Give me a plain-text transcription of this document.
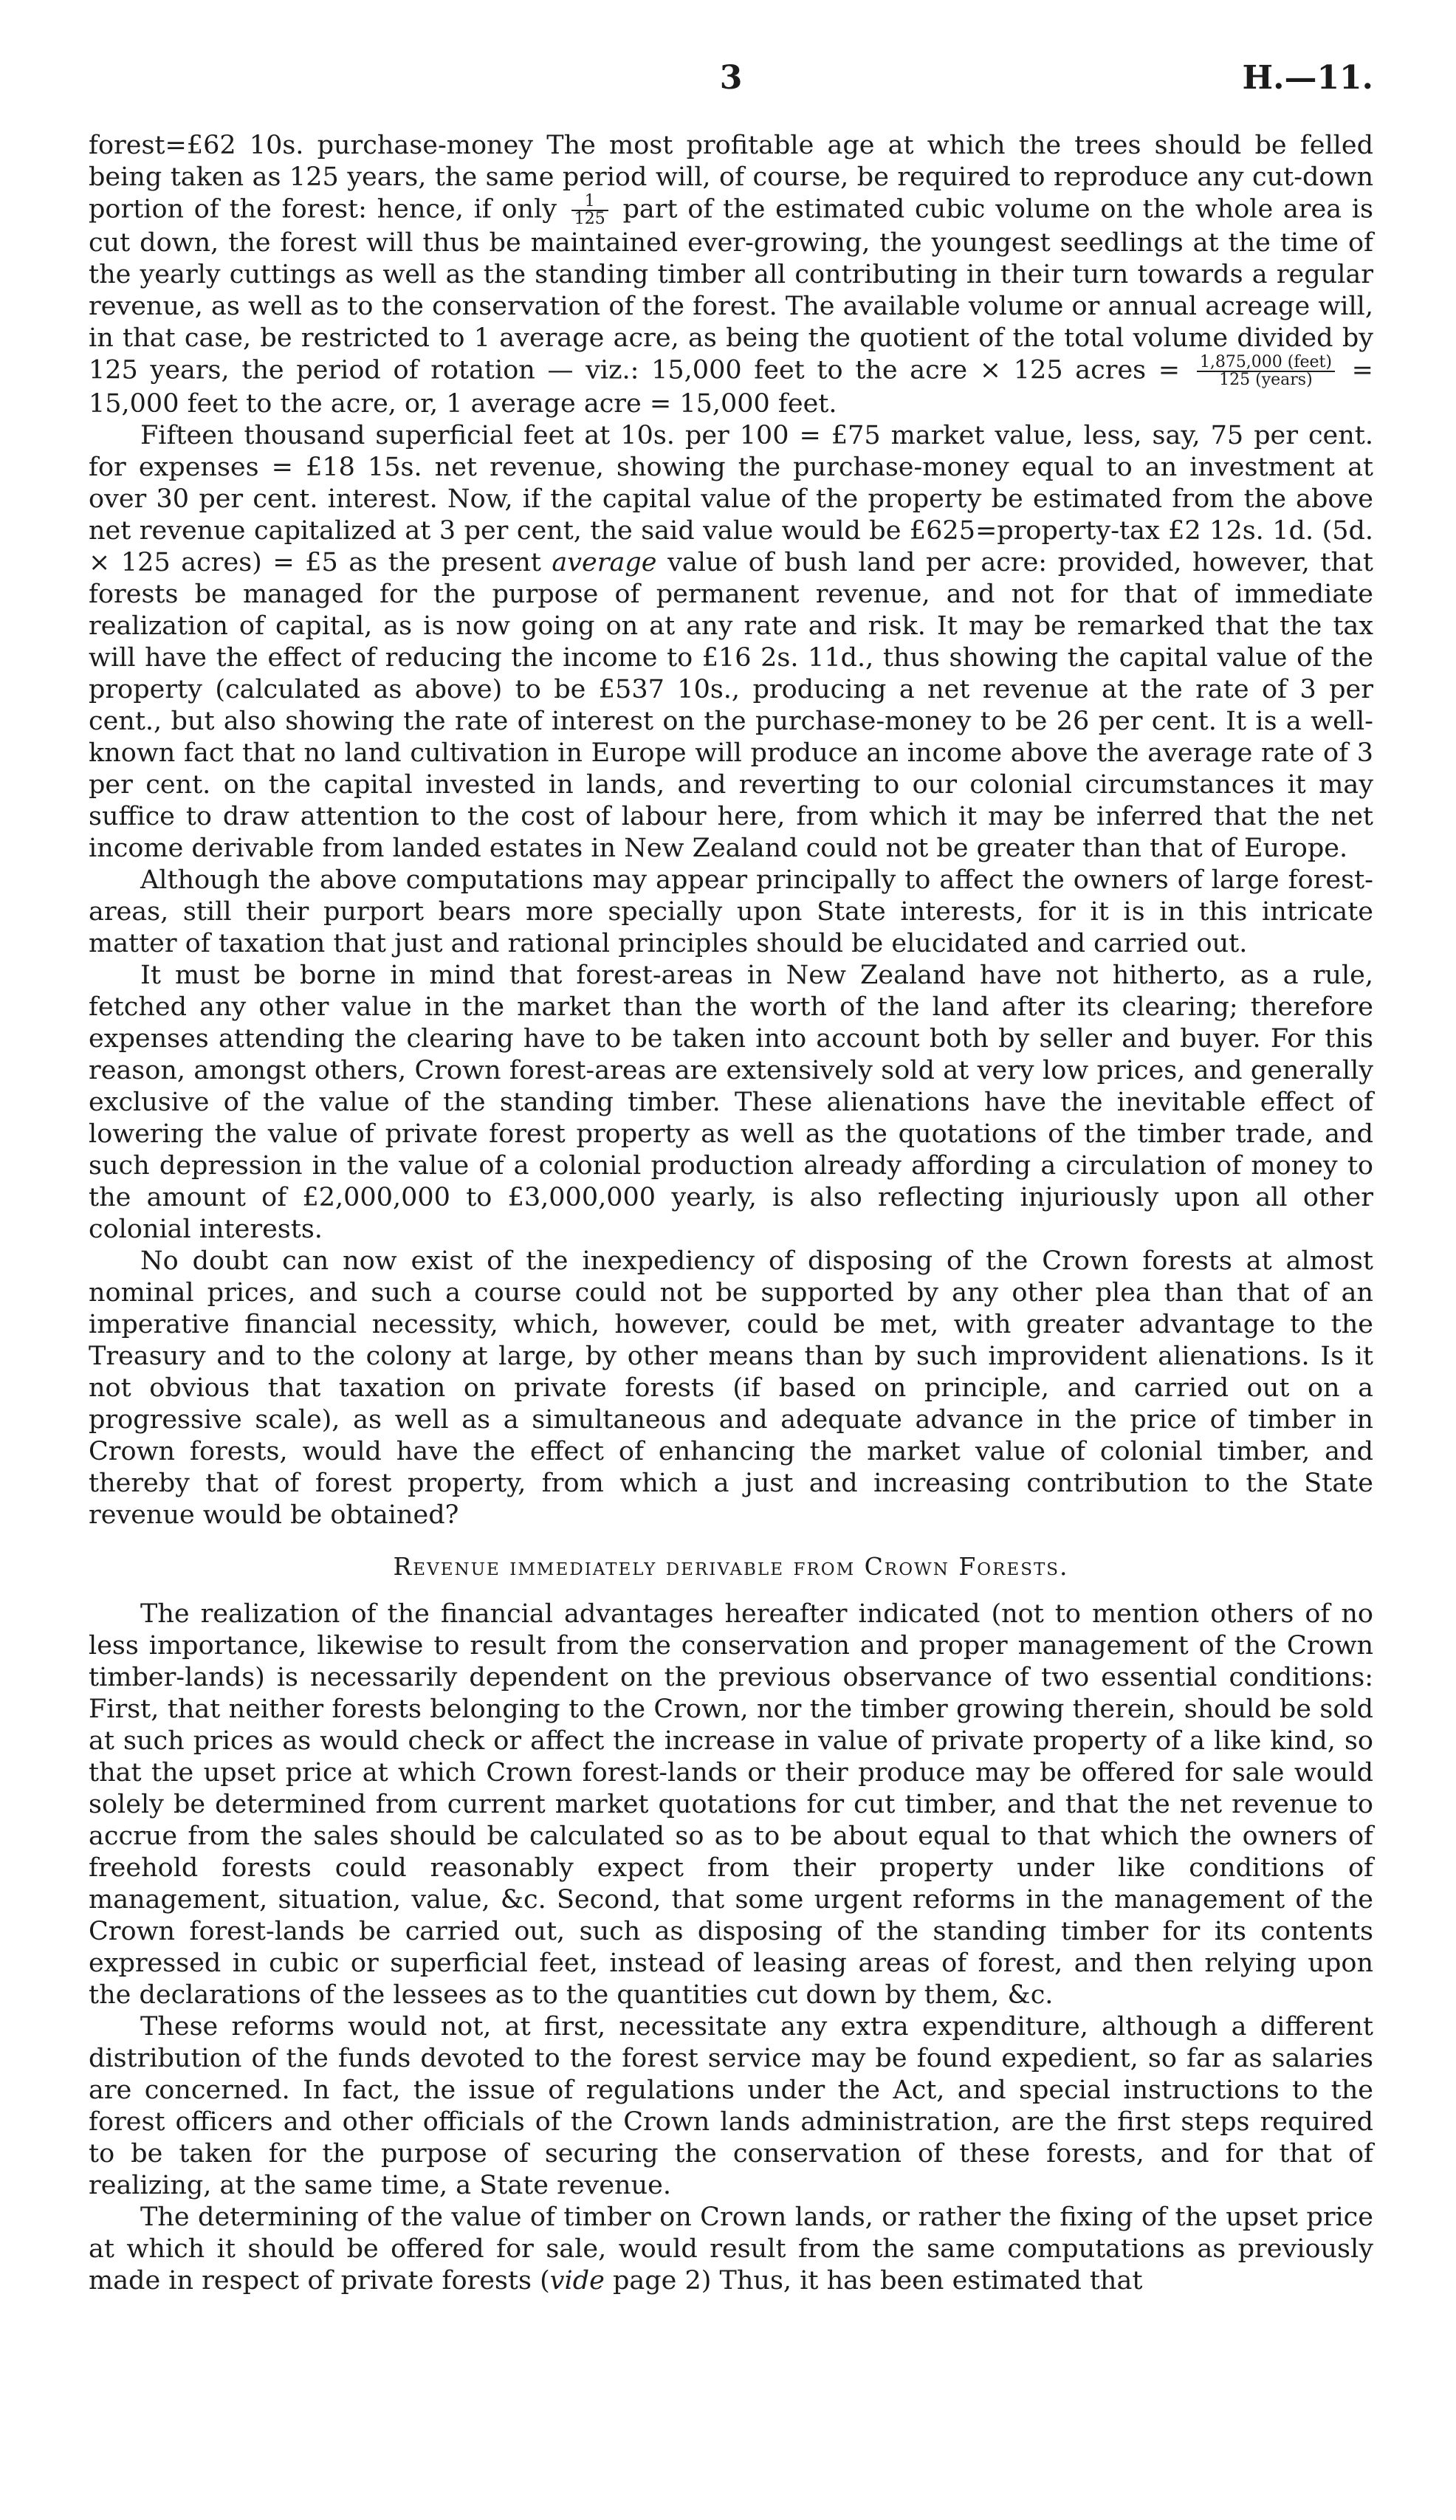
3	H.—11.

forest=£62 10s. purchase-money The most profitable age at which the trees should be felled being taken as 125 years, the same period will, of course, be required to reproduce any cut-down portion of the forest: hence, if only $\frac{1}{125}$ part of the estimated cubic volume on the whole area is cut down, the forest will thus be maintained ever-growing, the youngest seedlings at the time of the yearly cuttings as well as the standing timber all contributing in their turn towards a regular revenue, as well as to the conservation of the forest. The available volume or annual acreage will, in that case, be restricted to 1 average acre, as being the quotient of the total volume divided by 125 years, the period of rotation — viz.: 15,000 feet to the acre × 125 acres = $\frac{\text{1,875,000 (feet)}}{\text{125 (years)}} = 15,000$ feet to the acre, or, 1 average acre = 15,000 feet.

Fifteen thousand superficial feet at 10s. per 100 = £75 market value, less, say, 75 per cent. for expenses = £18 15s. net revenue, showing the purchase-money equal to an investment at over 30 per cent. interest. Now, if the capital value of the property be estimated from the above net revenue capitalized at 3 per cent, the said value would be £625=property-tax £2 12s. 1d. (5d. × 125 acres) = £5 as the present average value of bush land per acre: provided, however, that forests be managed for the purpose of permanent revenue, and not for that of immediate realization of capital, as is now going on at any rate and risk. It may be remarked that the tax will have the effect of reducing the income to £16 2s. 11d., thus showing the capital value of the property (calculated as above) to be £537 10s., producing a net revenue at the rate of 3 per cent., but also showing the rate of interest on the purchase-money to be 26 per cent. It is a well-known fact that no land cultivation in Europe will produce an income above the average rate of 3 per cent. on the capital invested in lands, and reverting to our colonial circumstances it may suffice to draw attention to the cost of labour here, from which it may be inferred that the net income derivable from landed estates in New Zealand could not be greater than that of Europe.

Although the above computations may appear principally to affect the owners of large forest-areas, still their purport bears more specially upon State interests, for it is in this intricate matter of taxation that just and rational principles should be elucidated and carried out.

It must be borne in mind that forest-areas in New Zealand have not hitherto, as a rule, fetched any other value in the market than the worth of the land after its clearing; therefore expenses attending the clearing have to be taken into account both by seller and buyer. For this reason, amongst others, Crown forest-areas are extensively sold at very low prices, and generally exclusive of the value of the standing timber. These alienations have the inevitable effect of lowering the value of private forest property as well as the quotations of the timber trade, and such depression in the value of a colonial production already affording a circulation of money to the amount of £2,000,000 to £3,000,000 yearly, is also reflecting injuriously upon all other colonial interests.

No doubt can now exist of the inexpediency of disposing of the Crown forests at almost nominal prices, and such a course could not be supported by any other plea than that of an imperative financial necessity, which, however, could be met, with greater advantage to the Treasury and to the colony at large, by other means than by such improvident alienations. Is it not obvious that taxation on private forests (if based on principle, and carried out on a progressive scale), as well as a simultaneous and adequate advance in the price of timber in Crown forests, would have the effect of enhancing the market value of colonial timber, and thereby that of forest property, from which a just and increasing contribution to the State revenue would be obtained?

Revenue immediately derivable from Crown Forests.

The realization of the financial advantages hereafter indicated (not to mention others of no less importance, likewise to result from the conservation and proper management of the Crown timber-lands) is necessarily dependent on the previous observance of two essential conditions: First, that neither forests belonging to the Crown, nor the timber growing therein, should be sold at such prices as would check or affect the increase in value of private property of a like kind, so that the upset price at which Crown forest-lands or their produce may be offered for sale would solely be determined from current market quotations for cut timber, and that the net revenue to accrue from the sales should be calculated so as to be about equal to that which the owners of freehold forests could reasonably expect from their property under like conditions of management, situation, value, &c. Second, that some urgent reforms in the management of the Crown forest-lands be carried out, such as disposing of the standing timber for its contents expressed in cubic or superficial feet, instead of leasing areas of forest, and then relying upon the declarations of the lessees as to the quantities cut down by them, &c.

These reforms would not, at first, necessitate any extra expenditure, although a different distribution of the funds devoted to the forest service may be found expedient, so far as salaries are concerned. In fact, the issue of regulations under the Act, and special instructions to the forest officers and other officials of the Crown lands administration, are the first steps required to be taken for the purpose of securing the conservation of these forests, and for that of realizing, at the same time, a State revenue.

The determining of the value of timber on Crown lands, or rather the fixing of the upset price at which it should be offered for sale, would result from the same computations as previously made in respect of private forests (vide page 2) Thus, it has been estimated that
